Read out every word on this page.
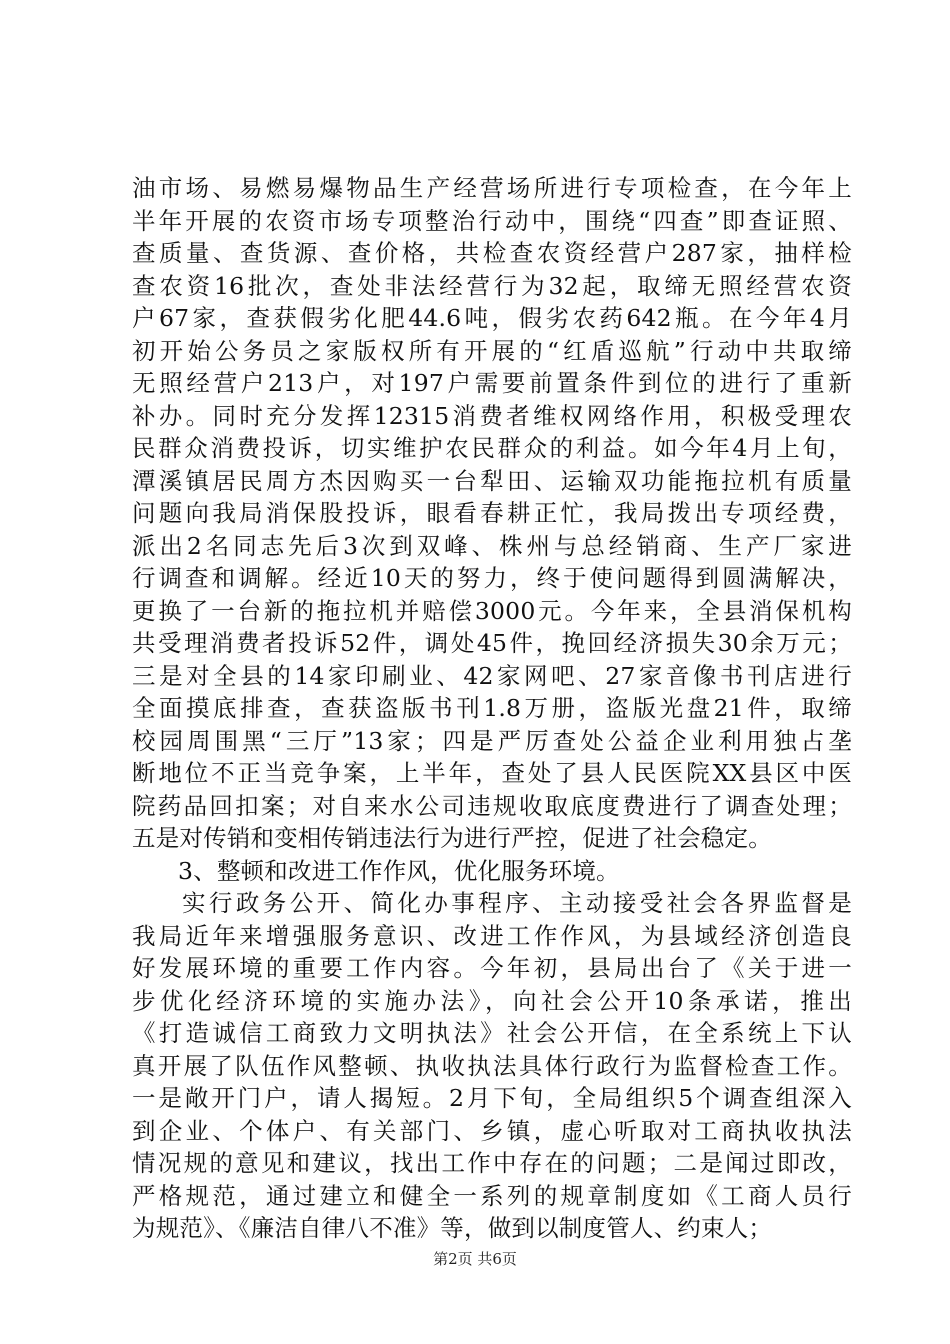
油市场、易燃易爆物品生产经营场所进行专项检查，在今年上
半年开展的农资市场专项整治行动中，围绕“四查”即查证照、
查质量、查货源、查价格，共检查农资经营户287家，抽样检
查农资16批次，查处非法经营行为32起，取缔无照经营农资
户67家，查获假劣化肥44.6吨，假劣农药642瓶。在今年4月
初开始公务员之家版权所有开展的“红盾巡航”行动中共取缔
无照经营户213户，对197户需要前置条件到位的进行了重新
补办。同时充分发挥12315消费者维权网络作用，积极受理农
民群众消费投诉，切实维护农民群众的利益。如今年4月上旬，
潭溪镇居民周方杰因购买一台犁田、运输双功能拖拉机有质量
问题向我局消保股投诉，眼看春耕正忙，我局拨出专项经费，
派出2名同志先后3次到双峰、株州与总经销商、生产厂家进
行调查和调解。经近10天的努力，终于使问题得到圆满解决，
更换了一台新的拖拉机并赔偿3000元。今年来，全县消保机构
共受理消费者投诉52件，调处45件，挽回经济损失30余万元；
三是对全县的14家印刷业、42家网吧、27家音像书刊店进行
全面摸底排查，查获盗版书刊1.8万册，盗版光盘21件，取缔
校园周围黑“三厅”13家；四是严厉查处公益企业利用独占垄
断地位不正当竞争案，上半年，查处了县人民医院XX县区中医
院药品回扣案；对自来水公司违规收取底度费进行了调查处理；
五是对传销和变相传销违法行为进行严控，促进了社会稳定。
3、整顿和改进工作作风，优化服务环境。
实行政务公开、简化办事程序、主动接受社会各界监督是
我局近年来增强服务意识、改进工作作风，为县域经济创造良
好发展环境的重要工作内容。今年初，县局出台了《关于进一
步优化经济环境的实施办法》，向社会公开10条承诺，推出
《打造诚信工商致力文明执法》社会公开信，在全系统上下认
真开展了队伍作风整顿、执收执法具体行政行为监督检查工作。
一是敞开门户，请人揭短。2月下旬，全局组织5个调查组深入
到企业、个体户、有关部门、乡镇，虚心听取对工商执收执法
情况规的意见和建议，找出工作中存在的问题；二是闻过即改，
严格规范，通过建立和健全一系列的规章制度如《工商人员行
为规范》、《廉洁自律八不准》等，做到以制度管人、约束人；
第2页 共6页
